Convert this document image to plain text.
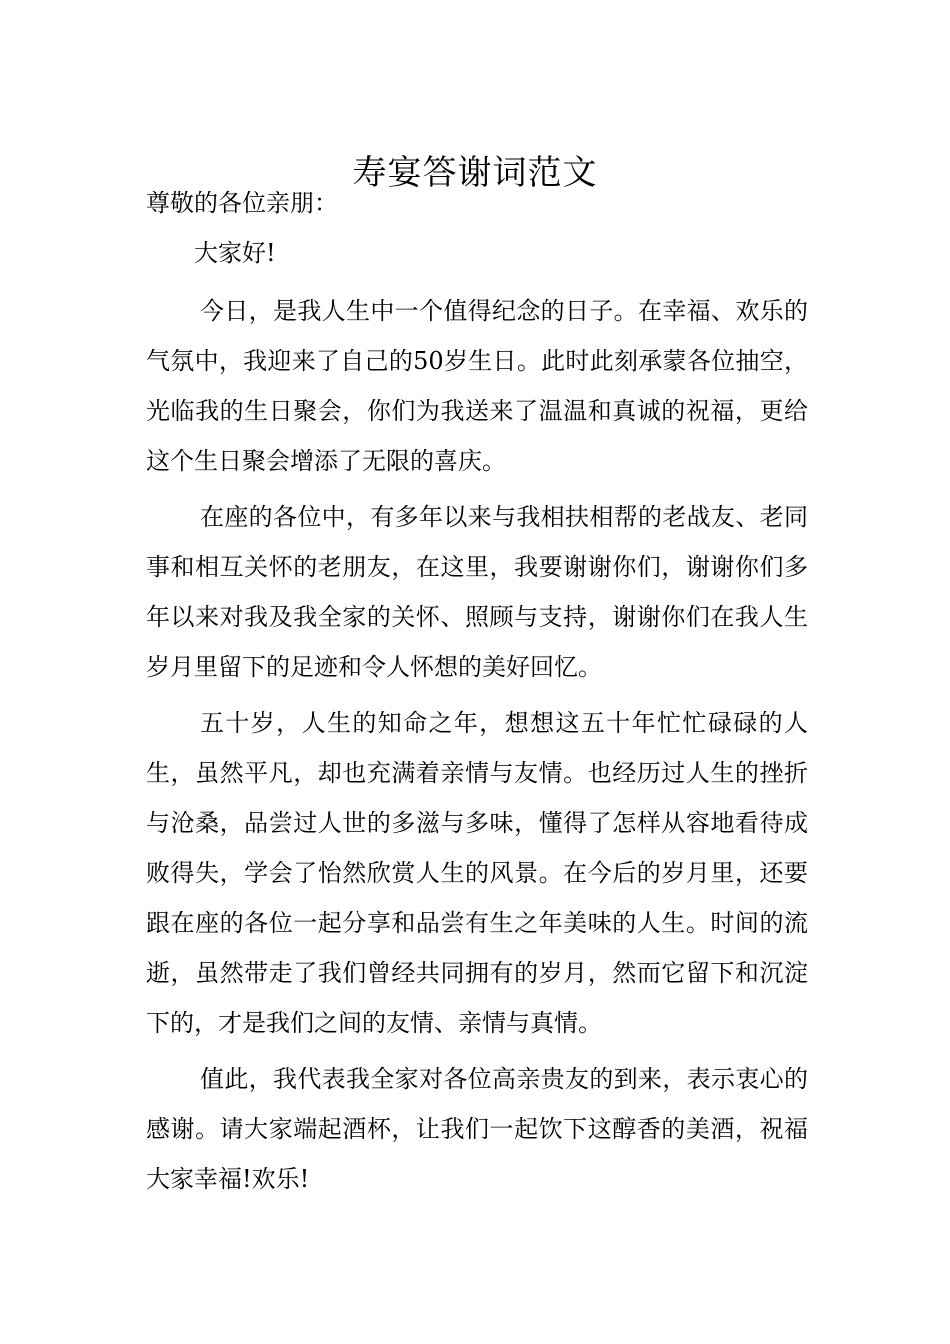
寿宴答谢词范文

尊敬的各位亲朋：

大家好!

今日，是我人生中一个值得纪念的日子。在幸福、欢乐的气氛中，我迎来了自己的50岁生日。此时此刻承蒙各位抽空，光临我的生日聚会，你们为我送来了温温和真诚的祝福，更给这个生日聚会增添了无限的喜庆。

在座的各位中，有多年以来与我相扶相帮的老战友、老同事和相互关怀的老朋友，在这里，我要谢谢你们，谢谢你们多年以来对我及我全家的关怀、照顾与支持，谢谢你们在我人生岁月里留下的足迹和令人怀想的美好回忆。

五十岁，人生的知命之年，想想这五十年忙忙碌碌的人生，虽然平凡，却也充满着亲情与友情。也经历过人生的挫折与沧桑，品尝过人世的多滋与多味，懂得了怎样从容地看待成败得失，学会了怡然欣赏人生的风景。在今后的岁月里，还要跟在座的各位一起分享和品尝有生之年美味的人生。时间的流逝，虽然带走了我们曾经共同拥有的岁月，然而它留下和沉淀下的，才是我们之间的友情、亲情与真情。

值此，我代表我全家对各位高亲贵友的到来，表示衷心的感谢。请大家端起酒杯，让我们一起饮下这醇香的美酒，祝福大家幸福!欢乐!
